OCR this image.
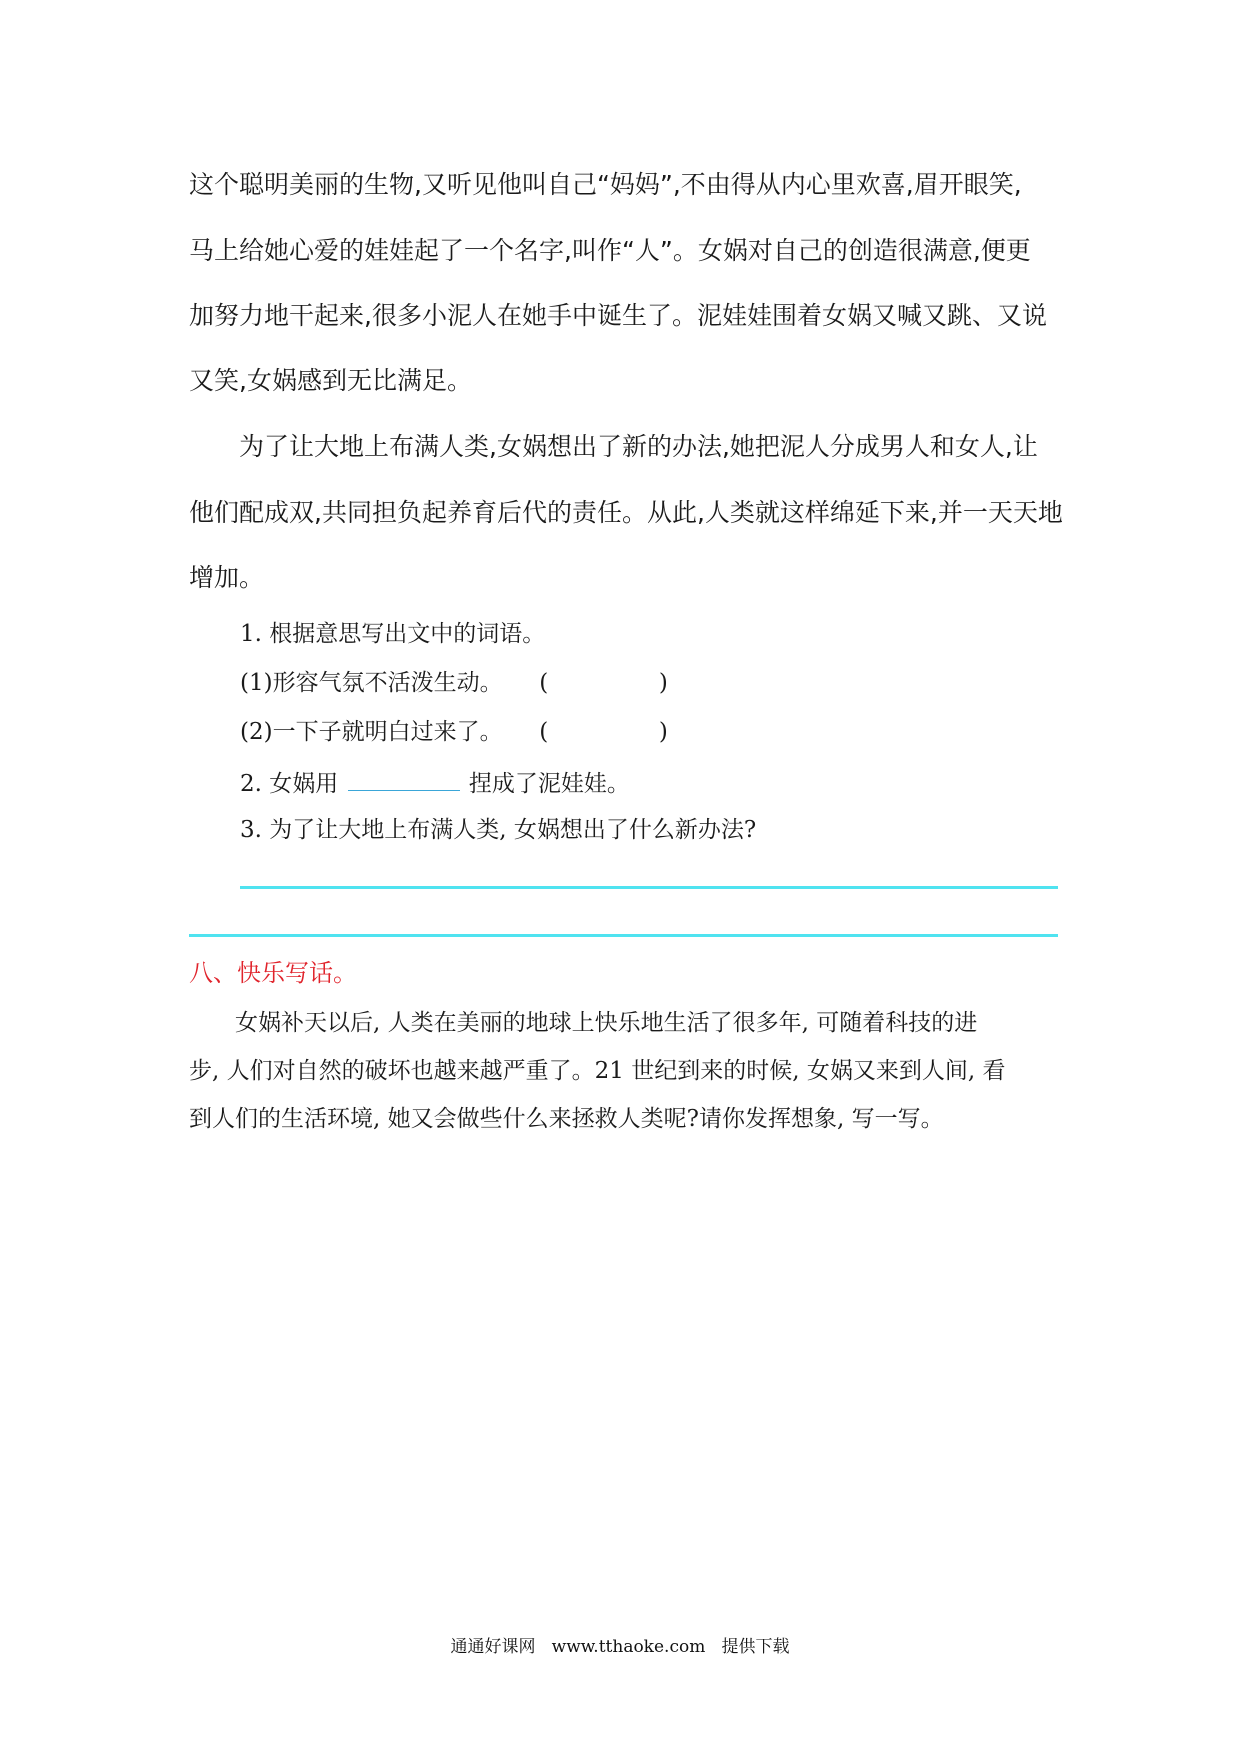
这个聪明美丽的生物,又听见他叫自己“妈妈”,不由得从内心里欢喜,眉开眼笑,
马上给她心爱的娃娃起了一个名字,叫作“人”。女娲对自己的创造很满意,便更
加努力地干起来,很多小泥人在她手中诞生了。泥娃娃围着女娲又喊又跳、又说
又笑,女娲感到无比满足。
　　为了让大地上布满人类,女娲想出了新的办法,她把泥人分成男人和女人,让
他们配成双,共同担负起养育后代的责任。从此,人类就这样绵延下来,并一天天地
增加。
1. 根据意思写出文中的词语。
(1)形容气氛不活泼生动。 (	)
(2)一下子就明白过来了。 (	)
2. 女娲用	捏成了泥娃娃。
3. 为了让大地上布满人类, 女娲想出了什么新办法?
八、快乐写话。
　　女娲补天以后, 人类在美丽的地球上快乐地生活了很多年, 可随着科技的进
步, 人们对自然的破坏也越来越严重了。21 世纪到来的时候, 女娲又来到人间, 看
到人们的生活环境, 她又会做些什么来拯救人类呢?请你发挥想象, 写一写。
通通好课网   www.tthaoke.com   提供下载
